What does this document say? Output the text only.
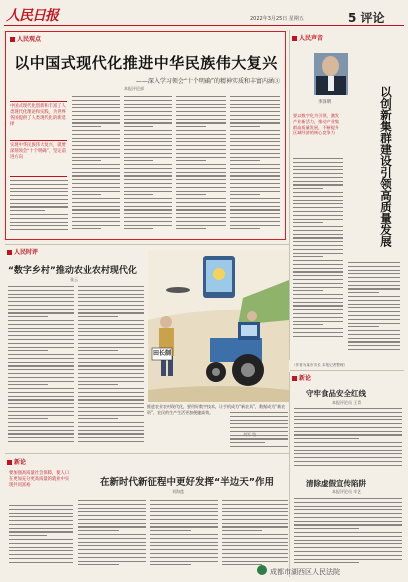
人民日报	2022年3月25日 星期五	5 评论
人民观点
以中国式现代化推进中华民族伟大复兴
——深入学习领会“十个明确”的精神实质和丰富内涵③
本报评论部
中国式现代化创新和丰富了人类现代化理论和实践，为世界各国提供了人类现代化的新选择
实现中华民族伟大复兴，就要深刻领会“十个明确”，坚定前进方向
人民声音
李泽明
要以数字化为引领，激发产业新活力，推动产业集群高质量发展，不断提升区域经济的核心竞争力	以创新集群建设引领高质量发展
（作者为某市市长 本报记者整理）
人民时评
“数字乡村”推动农业农村现代化
张云
田长制
推进农业农村现代化，要用好数字技术，让手机成为“新农具”，数据成为“新农资”，农民的生产生活更加便捷高效。
新论
要加强高质量社会保障，使人口在更加充分更高质量的就业中实现共同富裕	在新时代新征程中更好发挥“半边天”作用
刘海莲
新论
守牢食品安全红线
本报评论员 王青
清除虚假宣传陷阱
本报评论员 辛艺
成都市湖西区人民法院
